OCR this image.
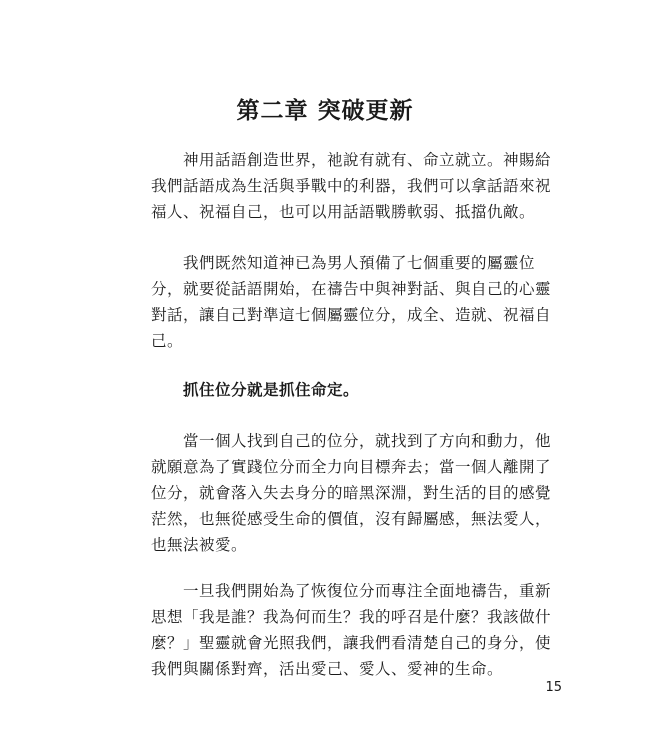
第二章 突破更新
神用話語創造世界，祂說有就有、命立就立。神賜給
我們話語成為生活與爭戰中的利器，我們可以拿話語來祝
福人、祝福自己，也可以用話語戰勝軟弱、抵擋仇敵。
我們既然知道神已為男人預備了七個重要的屬靈位
分，就要從話語開始，在禱告中與神對話、與自己的心靈
對話，讓自己對準這七個屬靈位分，成全、造就、祝福自
己。
抓住位分就是抓住命定。
當一個人找到自己的位分，就找到了方向和動力，他
就願意為了實踐位分而全力向目標奔去；當一個人離開了
位分，就會落入失去身分的暗黑深淵，對生活的目的感覺
茫然，也無從感受生命的價值，沒有歸屬感，無法愛人，
也無法被愛。
一旦我們開始為了恢復位分而專注全面地禱告，重新
思想「我是誰？我為何而生？我的呼召是什麼？我該做什
麼？」聖靈就會光照我們，讓我們看清楚自己的身分，使
我們與關係對齊，活出愛己、愛人、愛神的生命。
15
